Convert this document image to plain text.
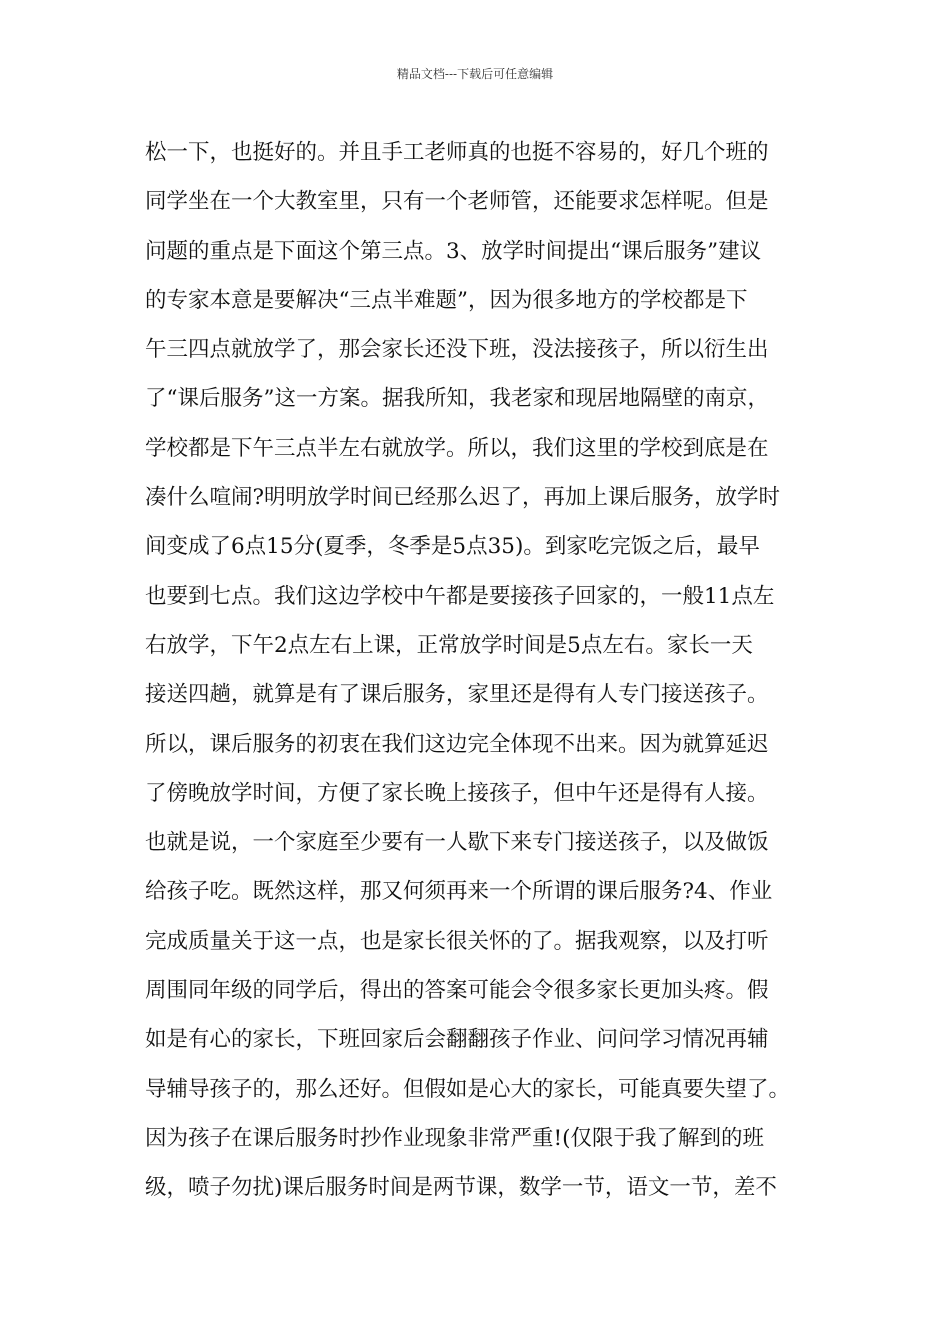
精品文档---下载后可任意编辑
松一下，也挺好的。并且手工老师真的也挺不容易的，好几个班的
同学坐在一个大教室里，只有一个老师管，还能要求怎样呢。但是
问题的重点是下面这个第三点。3、放学时间提出“课后服务”建议
的专家本意是要解决“三点半难题”，因为很多地方的学校都是下
午三四点就放学了，那会家长还没下班，没法接孩子，所以衍生出
了“课后服务”这一方案。据我所知，我老家和现居地隔壁的南京，
学校都是下午三点半左右就放学。所以，我们这里的学校到底是在
凑什么喧闹?明明放学时间已经那么迟了，再加上课后服务，放学时
间变成了6点15分(夏季，冬季是5点35)。到家吃完饭之后，最早
也要到七点。我们这边学校中午都是要接孩子回家的，一般11点左
右放学，下午2点左右上课，正常放学时间是5点左右。家长一天
接送四趟，就算是有了课后服务，家里还是得有人专门接送孩子。
所以，课后服务的初衷在我们这边完全体现不出来。因为就算延迟
了傍晚放学时间，方便了家长晚上接孩子，但中午还是得有人接。
也就是说，一个家庭至少要有一人歇下来专门接送孩子，以及做饭
给孩子吃。既然这样，那又何须再来一个所谓的课后服务?4、作业
完成质量关于这一点，也是家长很关怀的了。据我观察，以及打听
周围同年级的同学后，得出的答案可能会令很多家长更加头疼。假
如是有心的家长，下班回家后会翻翻孩子作业、问问学习情况再辅
导辅导孩子的，那么还好。但假如是心大的家长，可能真要失望了。
因为孩子在课后服务时抄作业现象非常严重!(仅限于我了解到的班
级，喷子勿扰)课后服务时间是两节课，数学一节，语文一节，差不
